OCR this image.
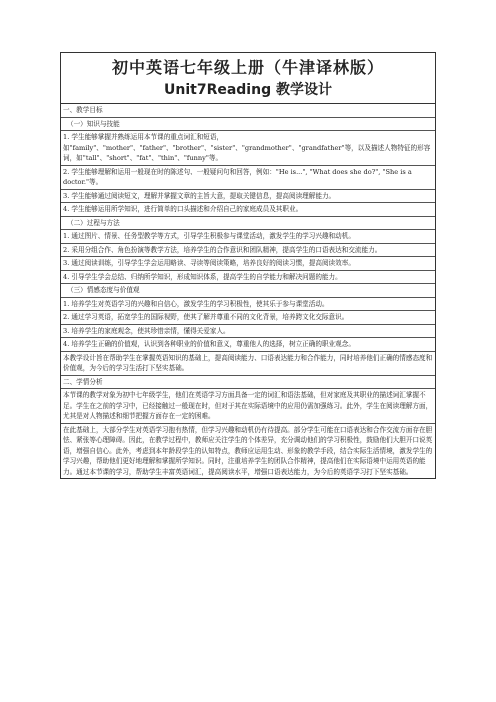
初中英语七年级上册（牛津译林版）
Unit7Reading 教学设计
一、教学目标
（一）知识与技能
1. 学生能够掌握并熟练运用本节课的重点词汇和短语，如"family"、"mother"、"father"、"brother"、"sister"、"grandmother"、"grandfather"等，以及描述人物特征的形容词，如"tall"、"short"、"fat"、"thin"、"funny"等。
2. 学生能够理解和运用一般现在时的陈述句、一般疑问句和回答，例如："He is...", "What does she do?", "She is a doctor."等。
3. 学生能够通过阅读短文，理解并掌握文章的主旨大意，提取关键信息，提高阅读理解能力。
4. 学生能够运用所学知识，进行简单的口头描述和介绍自己的家庭成员及其职业。
（二）过程与方法
1. 通过图片、情景、任务型教学等方式，引导学生积极参与课堂活动，激发学生的学习兴趣和动机。
2. 采用分组合作、角色扮演等教学方法，培养学生的合作意识和团队精神，提高学生的口语表达和交流能力。
3. 通过阅读训练，引导学生学会运用略读、寻读等阅读策略，培养良好的阅读习惯，提高阅读效率。
4. 引导学生学会总结、归纳所学知识，形成知识体系，提高学生的自学能力和解决问题的能力。
（三）情感态度与价值观
1. 培养学生对英语学习的兴趣和自信心，激发学生的学习积极性，使其乐于参与课堂活动。
2. 通过学习英语，拓宽学生的国际视野，使其了解并尊重不同的文化背景，培养跨文化交际意识。
3. 培养学生的家庭观念，使其珍惜亲情，懂得关爱家人。
4. 培养学生正确的价值观，认识到各种职业的价值和意义，尊重他人的选择，树立正确的职业观念。
本教学设计旨在帮助学生在掌握英语知识的基础上，提高阅读能力、口语表达能力和合作能力，同时培养他们正确的情感态度和价值观，为今后的学习生活打下坚实基础。
二、学情分析
本节课的教学对象为初中七年级学生，他们在英语学习方面具备一定的词汇和语法基础，但对家庭及其职业的描述词汇掌握不足。学生在之前的学习中，已经接触过一般现在时，但对于其在实际语境中的应用仍需加强练习。此外，学生在阅读理解方面，尤其是对人物描述和细节把握方面存在一定的困难。
在此基础上，大部分学生对英语学习抱有热情，但学习兴趣和动机仍有待提高。部分学生可能在口语表达和合作交流方面存在胆怯、紧张等心理障碍。因此，在教学过程中，教师应关注学生的个体差异，充分调动他们的学习积极性，鼓励他们大胆开口说英语，增强自信心。此外，考虑到本年龄段学生的认知特点，教师应运用生动、形象的教学手段，结合实际生活情境，激发学生的学习兴趣，帮助他们更好地理解和掌握所学知识。同时，注重培养学生的团队合作精神，提高他们在实际语境中运用英语的能力。通过本节课的学习，帮助学生丰富英语词汇，提高阅读水平，增强口语表达能力，为今后的英语学习打下坚实基础。
